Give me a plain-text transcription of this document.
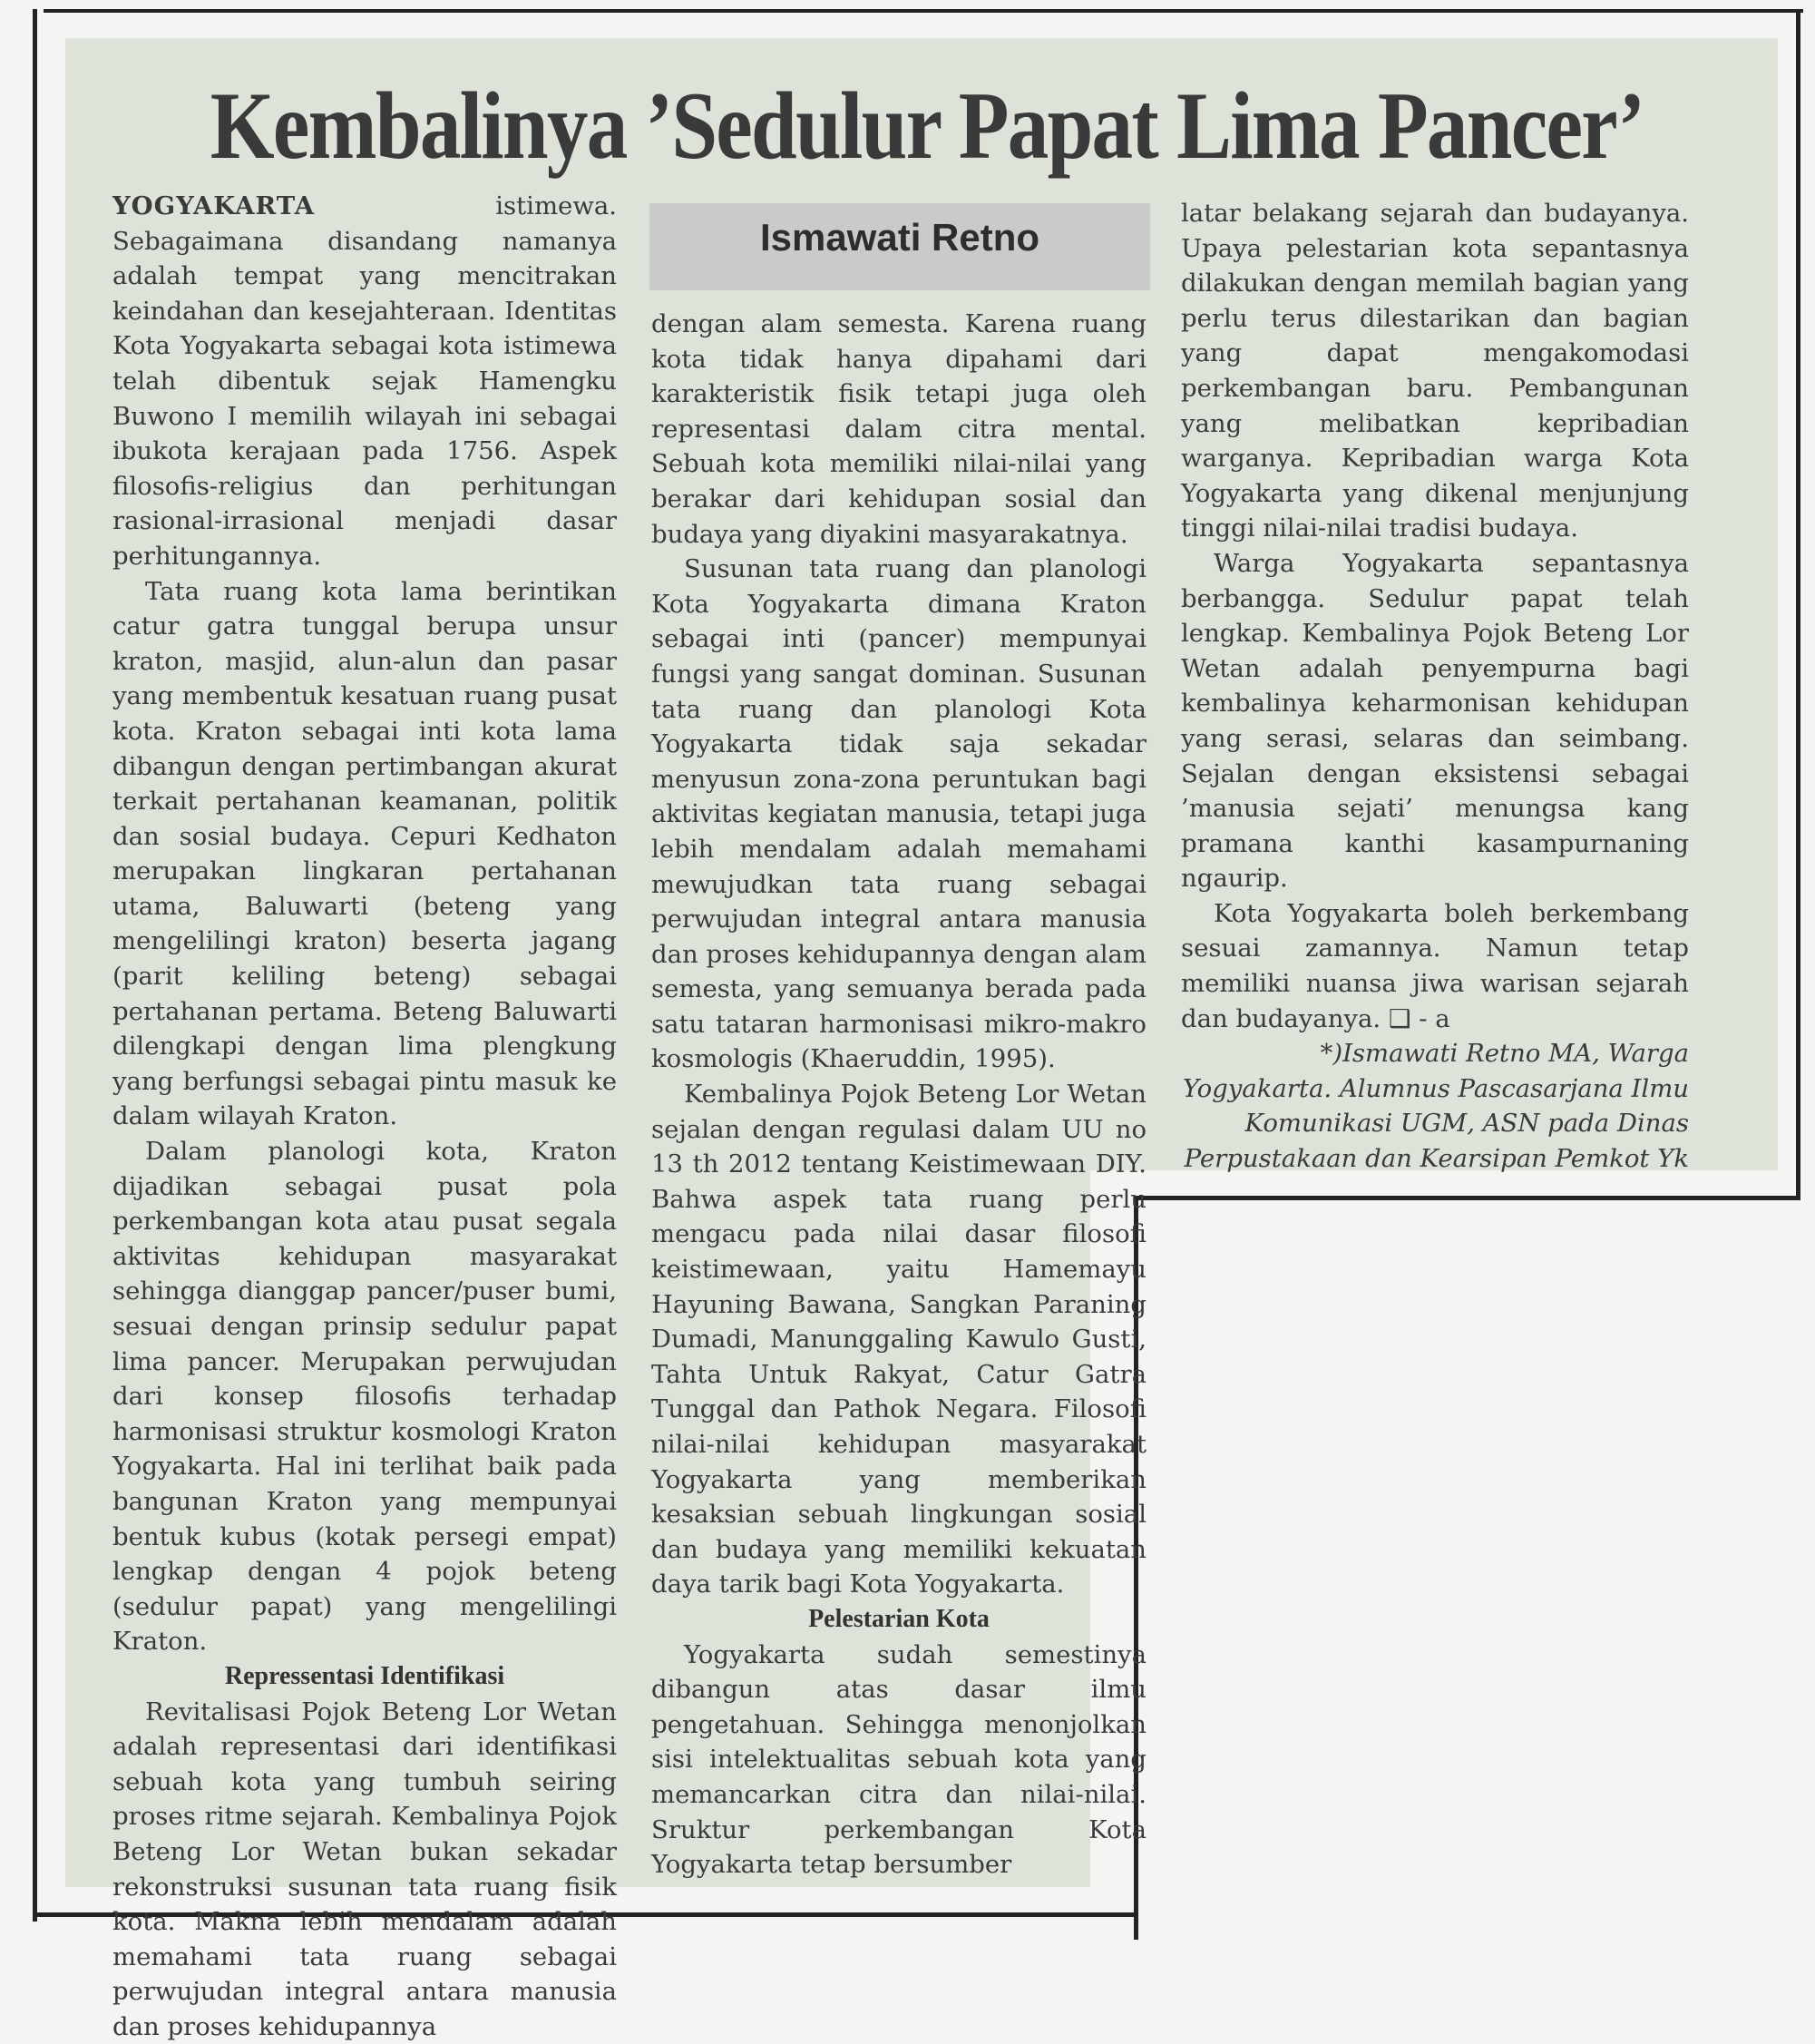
Kembalinya ’Sedulur Papat Lima Pancer’
Ismawati Retno

YOGYAKARTA	istimewa. Sebagaimana disandang namanya adalah tempat yang mencitrakan keindahan dan kesejahteraan. Identitas Kota Yogyakarta sebagai kota istimewa telah dibentuk sejak Hamengku Buwono I memilih wilayah ini sebagai ibukota kerajaan pada 1756. Aspek filosofis-religius dan perhitungan rasional-irrasional menjadi dasar perhitungannya.

Tata ruang kota lama berintikan catur gatra tunggal berupa unsur kraton, masjid, alun-alun dan pasar yang membentuk kesatuan ruang pusat kota. Kraton sebagai inti kota lama dibangun dengan pertimbangan akurat terkait pertahanan keamanan, politik dan sosial budaya. Cepuri Kedhaton merupakan lingkaran pertahanan utama, Baluwarti (beteng yang mengelilingi kraton) beserta jagang (parit keliling beteng) sebagai pertahanan pertama. Beteng Baluwarti dilengkapi dengan lima plengkung yang berfungsi sebagai pintu masuk ke dalam wilayah Kraton.

Dalam planologi kota, Kraton dijadikan sebagai pusat pola perkembangan kota atau pusat segala aktivitas kehidupan masyarakat sehingga dianggap pancer/puser bumi, sesuai dengan prinsip sedulur papat lima pancer. Merupakan perwujudan dari konsep filosofis terhadap harmonisasi struktur kosmologi Kraton Yogyakarta. Hal ini terlihat baik pada bangunan Kraton yang mempunyai bentuk kubus (kotak persegi empat) lengkap dengan 4 pojok beteng (sedulur papat) yang mengelilingi Kraton.

Repressentasi Identifikasi

Revitalisasi Pojok Beteng Lor Wetan adalah representasi dari identifikasi sebuah kota yang tumbuh seiring proses ritme sejarah. Kembalinya Pojok Beteng Lor Wetan bukan sekadar rekonstruksi susunan tata ruang fisik kota. Makna lebih mendalam adalah memahami tata ruang sebagai perwujudan integral antara manusia dan proses kehidupannya

dengan alam semesta. Karena ruang kota tidak hanya dipahami dari karakteristik fisik tetapi juga oleh representasi dalam citra mental. Sebuah kota memiliki nilai-nilai yang berakar dari kehidupan sosial dan budaya yang diyakini masyarakatnya.

Susunan tata ruang dan planologi Kota Yogyakarta dimana Kraton sebagai inti (pancer) mempunyai fungsi yang sangat dominan. Susunan tata ruang dan planologi Kota Yogyakarta tidak saja sekadar menyusun zona-zona peruntukan bagi aktivitas kegiatan manusia, tetapi juga lebih mendalam adalah memahami mewujudkan tata ruang sebagai perwujudan integral antara manusia dan proses kehidupannya dengan alam semesta, yang semuanya berada pada satu tataran harmonisasi mikro-makro kosmologis (Khaeruddin, 1995).

Kembalinya Pojok Beteng Lor Wetan sejalan dengan regulasi dalam UU no 13 th 2012 tentang Keistimewaan DIY. Bahwa aspek tata ruang perlu mengacu pada nilai dasar filosofi keistimewaan, yaitu Hamemayu Hayuning Bawana, Sangkan Paraning Dumadi, Manunggaling Kawulo Gusti, Tahta Untuk Rakyat, Catur Gatra Tunggal dan Pathok Negara. Filosofi nilai-nilai kehidupan masyarakat Yogyakarta yang memberikan kesaksian sebuah lingkungan sosial dan budaya yang memiliki kekuatan daya tarik bagi Kota Yogyakarta.

Pelestarian Kota

Yogyakarta sudah semestinya dibangun atas dasar ilmu pengetahuan. Sehingga menonjolkan sisi intelektualitas sebuah kota yang memancarkan citra dan nilai-nilai. Sruktur perkembangan Kota Yogyakarta tetap bersumber

latar belakang sejarah dan budayanya. Upaya pelestarian kota sepantasnya dilakukan dengan memilah bagian yang perlu terus dilestarikan dan bagian yang dapat mengakomodasi perkembangan baru. Pembangunan yang melibatkan kepribadian warganya. Kepribadian warga Kota Yogyakarta yang dikenal menjunjung tinggi nilai-nilai tradisi budaya.

Warga Yogyakarta sepantasnya berbangga. Sedulur papat telah lengkap. Kembalinya Pojok Beteng Lor Wetan adalah penyempurna bagi kembalinya keharmonisan kehidupan yang serasi, selaras dan seimbang. Sejalan dengan eksistensi sebagai ’manusia sejati’ menungsa kang pramana kanthi kasampurnaning ngaurip.

Kota Yogyakarta boleh berkembang sesuai zamannya. Namun tetap memiliki nuansa jiwa warisan sejarah dan budayanya. ❑ - a

*)Ismawati Retno MA, Warga Yogyakarta. Alumnus Pascasarjana Ilmu Komunikasi UGM, ASN pada Dinas Perpustakaan dan Kearsipan Pemkot Yk
